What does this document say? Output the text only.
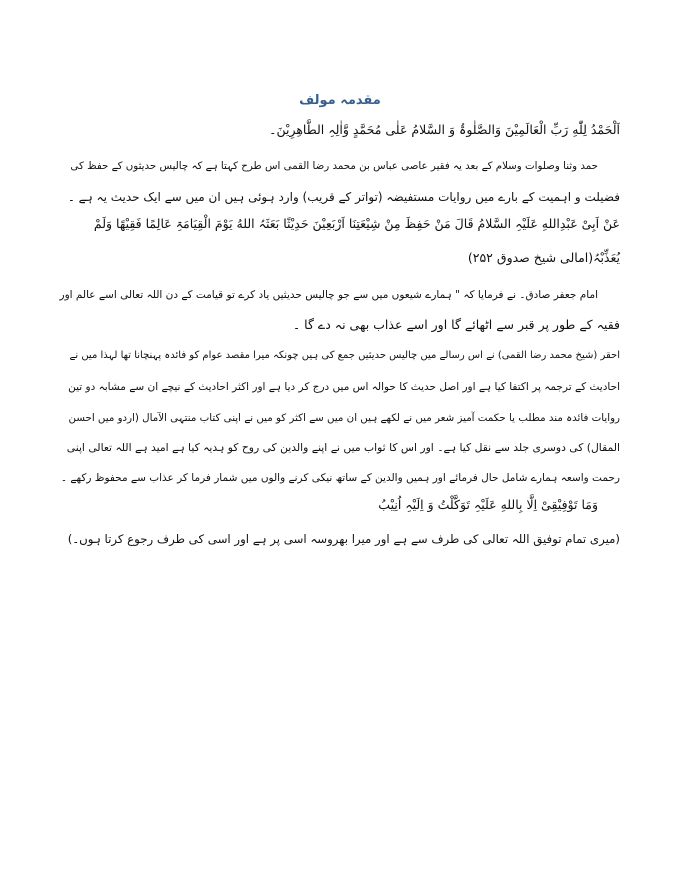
مقدمہ مولف
اَلْحَمْدُ لِلّٰهِ رَبِّ الْعَالَمِیْنَ وَالصَّلٰوۃُ وَ السَّلامُ عَلٰی مُحَمَّدٍ وَّاٰلِہِ الطَّاھِرِیْنَ۔
حمد وثنا وصلوات وسلام کے بعد یہ فقیر عاصی عباس بن محمد رضا القمی اس طرح کہتا ہے کہ چالیس حدیثوں کے حفظ کی
فضیلت و اہمیت کے بارے میں روایات مستفیضہ (تواتر کے قریب) وارد ہوئی ہیں ان میں سے ایک حدیث یہ ہے ۔
عَنْ اَبِیْ عَبْدِاللهِ عَلَیْہِ السَّلامُ قَالَ مَنْ حَفِظَ مِنْ شِیْعَتِنَا اَرْبَعِیْنَ حَدِیْثًا بَعَثَہُ اللهُ یَوْمَ الْقِیَامَۃِ عَالِمًا فَقِیْھًا وَلَمْ
یُعَذِّبْہُ(امالی شیخ صدوق ۲۵۲)
امام جعفر صادق۔ نے فرمایا کہ " ہمارے شیعوں میں سے جو چالیس حدیثیں یاد کرے تو قیامت کے دن اللہ تعالی اسے عالم اور
فقیہ کے طور پر قبر سے اٹھائے گا اور اسے عذاب بھی نہ دے گا ۔
احقر (شیخ محمد رضا القمی) نے اس رسالے میں چالیس حدیثیں جمع کی ہیں چونکہ میرا مقصد عوام کو فائدہ پہنچانا تھا لہذا میں نے
احادیث کے ترجمہ پر اکتفا کیا ہے اور اصل حدیث کا حوالہ اس میں درج کر دیا ہے اور اکثر احادیث کے نیچے ان سے مشابہ دو تین
روایات فائدہ مند مطلب یا حکمت آمیز شعر میں نے لکھے ہیں ان میں سے اکثر کو میں نے اپنی کتاب منتہی الآمال (اردو میں احسن
المقال) کی دوسری جلد سے نقل کیا ہے۔ اور اس کا ثواب میں نے اپنے والدین کی روح کو ہدیہ کیا ہے امید ہے اللہ تعالی اپنی
رحمت واسعہ ہمارے شامل حال فرمائے اور ہمیں والدین کے ساتھ نیکی کرنے والوں میں شمار فرما کر عذاب سے محفوظ رکھے ۔
وَمَا تَوْفِیْقِیْ اِلَّا بِاللهِ عَلَیْہِ تَوَکَّلْتُ وَ اِلَیْہِ اُنِیْبُ
(میری تمام توفیق اللہ تعالی کی طرف سے ہے اور میرا بھروسہ اسی پر ہے اور اسی کی طرف رجوع کرتا ہوں۔)
